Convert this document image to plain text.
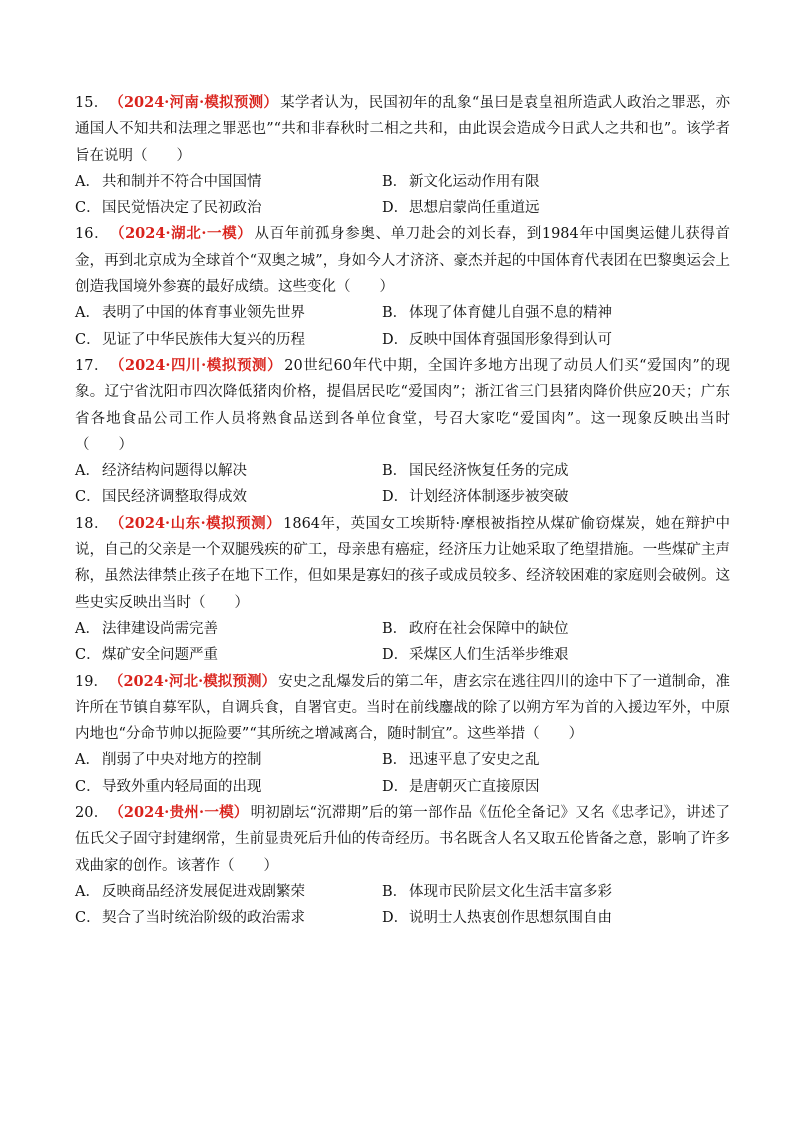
15． （2024·河南·模拟预测） 某学者认为，民国初年的乱象“虽曰是袁皇祖所造武人政治之罪恶，亦通国人不知共和法理之罪恶也”“共和非春秋时二相之共和，由此误会造成今日武人之共和也”。该学者旨在说明（　　）

A． 共和制并不符合中国国情	B． 新文化运动作用有限
C．国民觉悟决定了民初政治	D．思想启蒙尚任重道远

16． （2024·湖北·一模） 从百年前孤身参奥、单刀赴会的刘长春，到1984年中国奥运健儿获得首金，再到北京成为全球首个“双奥之城”，身如今人才济济、豪杰并起的中国体育代表团在巴黎奥运会上创造我国境外参赛的最好成绩。这些变化（　　）

A． 表明了中国的体育事业领先世界	B． 体现了体育健儿自强不息的精神
C．见证了中华民族伟大复兴的历程	D．反映中国体育强国形象得到认可

17． （2024·四川·模拟预测） 20世纪60年代中期，全国许多地方出现了动员人们买“爱国肉”的现象。辽宁省沈阳市四次降低猪肉价格，提倡居民吃“爱国肉”；浙江省三门县猪肉降价供应20天；广东省各地食品公司工作人员将熟食品送到各单位食堂，号召大家吃“爱国肉”。这一现象反映出当时（　　）

A． 经济结构问题得以解决	B． 国民经济恢复任务的完成
C．国民经济调整取得成效	D．计划经济体制逐步被突破

18． （2024·山东·模拟预测） 1864年，英国女工埃斯特·摩根被指控从煤矿偷窃煤炭，她在辩护中说，自己的父亲是一个双腿残疾的矿工，母亲患有癌症，经济压力让她采取了绝望措施。一些煤矿主声称，虽然法律禁止孩子在地下工作，但如果是寡妇的孩子或成员较多、经济较困难的家庭则会破例。这些史实反映出当时（　　）

A． 法律建设尚需完善	B． 政府在社会保障中的缺位
C．煤矿安全问题严重	D．采煤区人们生活举步维艰

19． （2024·河北·模拟预测） 安史之乱爆发后的第二年，唐玄宗在逃往四川的途中下了一道制命，准许所在节镇自募军队，自调兵食，自署官吏。当时在前线鏖战的除了以朔方军为首的入援边军外，中原内地也“分命节帅以扼险要”“其所统之增减离合，随时制宜”。这些举措（　　）

A． 削弱了中央对地方的控制	B． 迅速平息了安史之乱
C．导致外重内轻局面的出现	D．是唐朝灭亡直接原因

20． （2024·贵州·一模） 明初剧坛“沉滞期”后的第一部作品《伍伦全备记》又名《忠孝记》，讲述了伍氏父子固守封建纲常，生前显贵死后升仙的传奇经历。书名既含人名又取五伦皆备之意，影响了许多戏曲家的创作。该著作（　　）

A． 反映商品经济发展促进戏剧繁荣	B． 体现市民阶层文化生活丰富多彩
C．契合了当时统治阶级的政治需求	D．说明士人热衷创作思想氛围自由
